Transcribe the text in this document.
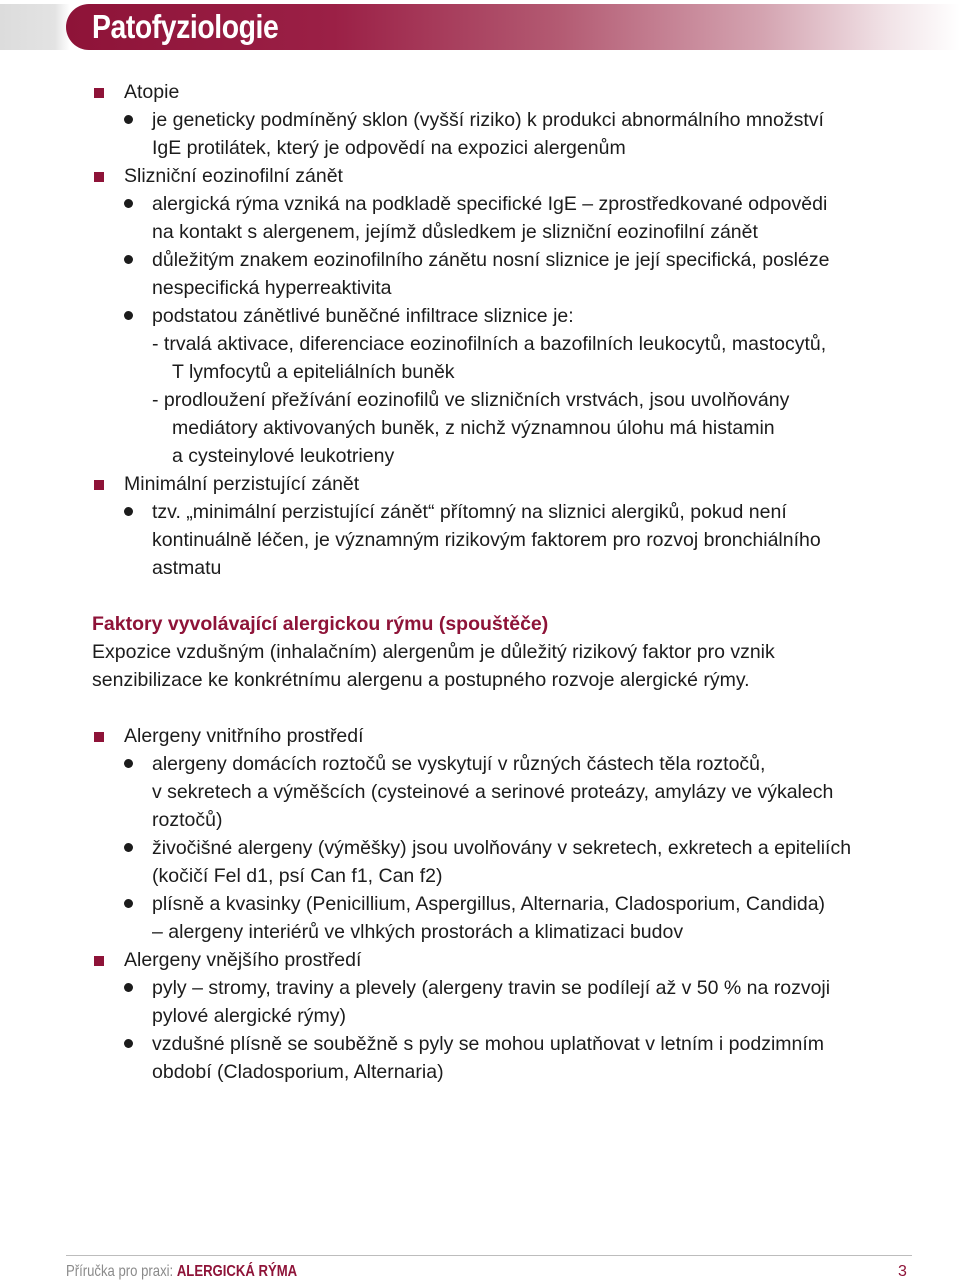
Patofyziologie
Atopie
je geneticky podmíněný sklon (vyšší riziko) k produkci abnormálního množství
IgE protilátek, který je odpovědí na expozici alergenům
Slizniční eozinofilní zánět
alergická rýma vzniká na podkladě specifické IgE – zprostředkované odpovědi
na kontakt s alergenem, jejímž důsledkem je slizniční eozinofilní zánět
důležitým znakem eozinofilního zánětu nosní sliznice je její specifická, posléze
nespecifická hyperreaktivita
podstatou zánětlivé buněčné infiltrace sliznice je:
- trvalá aktivace, diferenciace eozinofilních a bazofilních leukocytů, mastocytů,
T lymfocytů a epiteliálních buněk
- prodloužení přežívání eozinofilů ve slizničních vrstvách, jsou uvolňovány
mediátory aktivovaných buněk, z nichž významnou úlohu má histamin
a cysteinylové leukotrieny
Minimální perzistující zánět
tzv. „minimální perzistující zánět“ přítomný na sliznici alergiků, pokud není
kontinuálně léčen, je významným rizikovým faktorem pro rozvoj bronchiálního
astmatu
Faktory vyvolávající alergickou rýmu (spouštěče)
Expozice vzdušným (inhalačním) alergenům je důležitý rizikový faktor pro vznik
senzibilizace ke konkrétnímu alergenu a postupného rozvoje alergické rýmy.
Alergeny vnitřního prostředí
alergeny domácích roztočů se vyskytují v různých částech těla roztočů,
v sekretech a výměšcích (cysteinové a serinové proteázy, amylázy ve výkalech
roztočů)
živočišné alergeny (výměšky) jsou uvolňovány v sekretech, exkretech a epiteliích
(kočičí Fel d1, psí Can f1, Can f2)
plísně a kvasinky (Penicillium, Aspergillus, Alternaria, Cladosporium, Candida)
– alergeny interiérů ve vlhkých prostorách a klimatizaci budov
Alergeny vnějšího prostředí
pyly – stromy, traviny a plevely (alergeny travin se podílejí až v 50 % na rozvoji
pylové alergické rýmy)
vzdušné plísně se souběžně s pyly se mohou uplatňovat v letním i podzimním
období (Cladosporium, Alternaria)
Příručka pro praxi: ALERGICKÁ RÝMA	3
